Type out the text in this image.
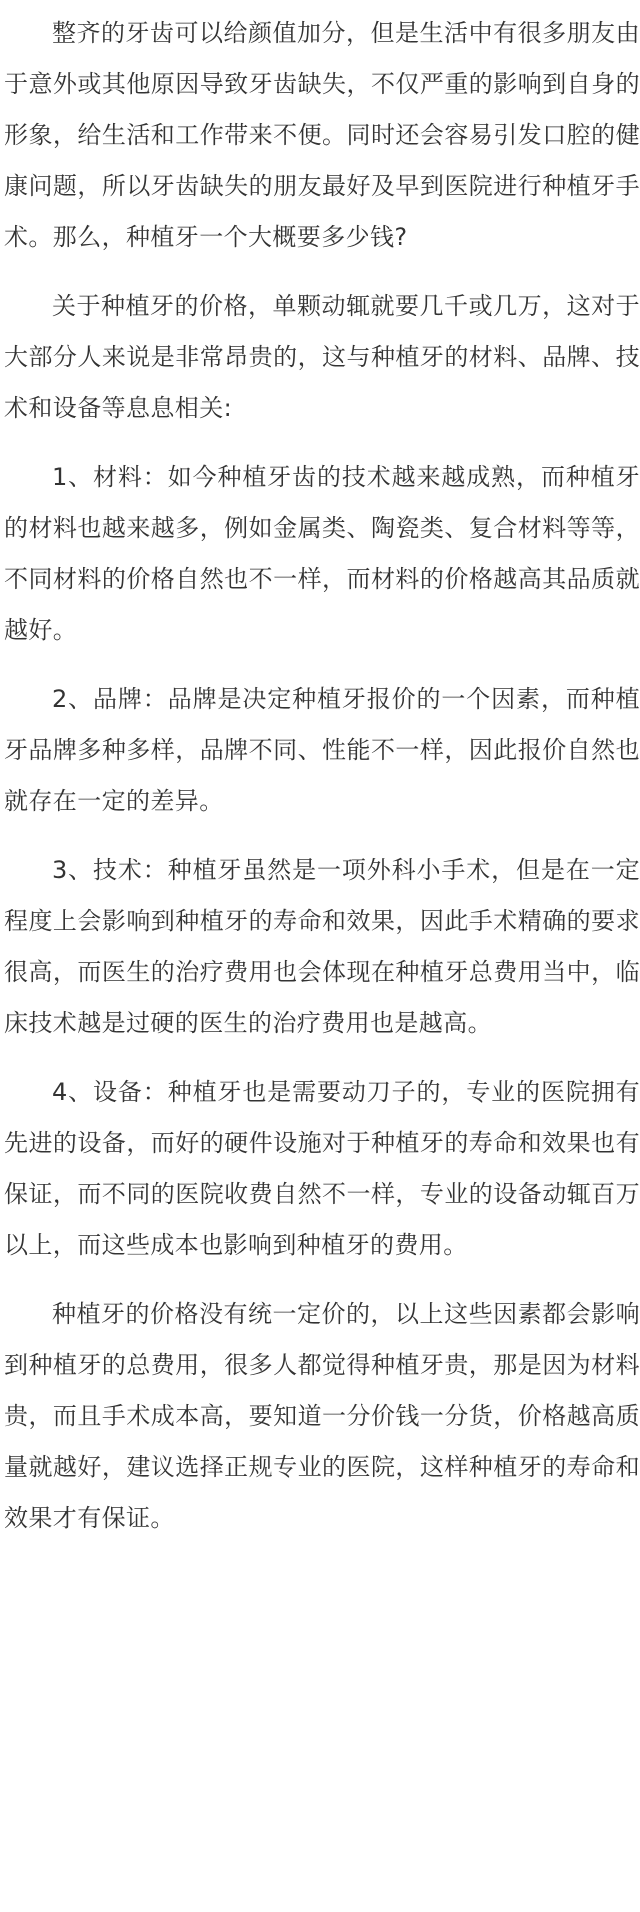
整齐的牙齿可以给颜值加分，但是生活中有很多朋友由于意外或其他原因导致牙齿缺失，不仅严重的影响到自身的形象，给生活和工作带来不便。同时还会容易引发口腔的健康问题，所以牙齿缺失的朋友最好及早到医院进行种植牙手术。那么，种植牙一个大概要多少钱?

关于种植牙的价格，单颗动辄就要几千或几万，这对于大部分人来说是非常昂贵的，这与种植牙的材料、品牌、技术和设备等息息相关:

1、材料：如今种植牙齿的技术越来越成熟，而种植牙的材料也越来越多，例如金属类、陶瓷类、复合材料等等，不同材料的价格自然也不一样，而材料的价格越高其品质就越好。

2、品牌：品牌是决定种植牙报价的一个因素，而种植牙品牌多种多样，品牌不同、性能不一样，因此报价自然也就存在一定的差异。

3、技术：种植牙虽然是一项外科小手术，但是在一定程度上会影响到种植牙的寿命和效果，因此手术精确的要求很高，而医生的治疗费用也会体现在种植牙总费用当中，临床技术越是过硬的医生的治疗费用也是越高。

4、设备：种植牙也是需要动刀子的，专业的医院拥有先进的设备，而好的硬件设施对于种植牙的寿命和效果也有保证，而不同的医院收费自然不一样，专业的设备动辄百万以上，而这些成本也影响到种植牙的费用。

种植牙的价格没有统一定价的，以上这些因素都会影响到种植牙的总费用，很多人都觉得种植牙贵，那是因为材料贵，而且手术成本高，要知道一分价钱一分货，价格越高质量就越好，建议选择正规专业的医院，这样种植牙的寿命和效果才有保证。
